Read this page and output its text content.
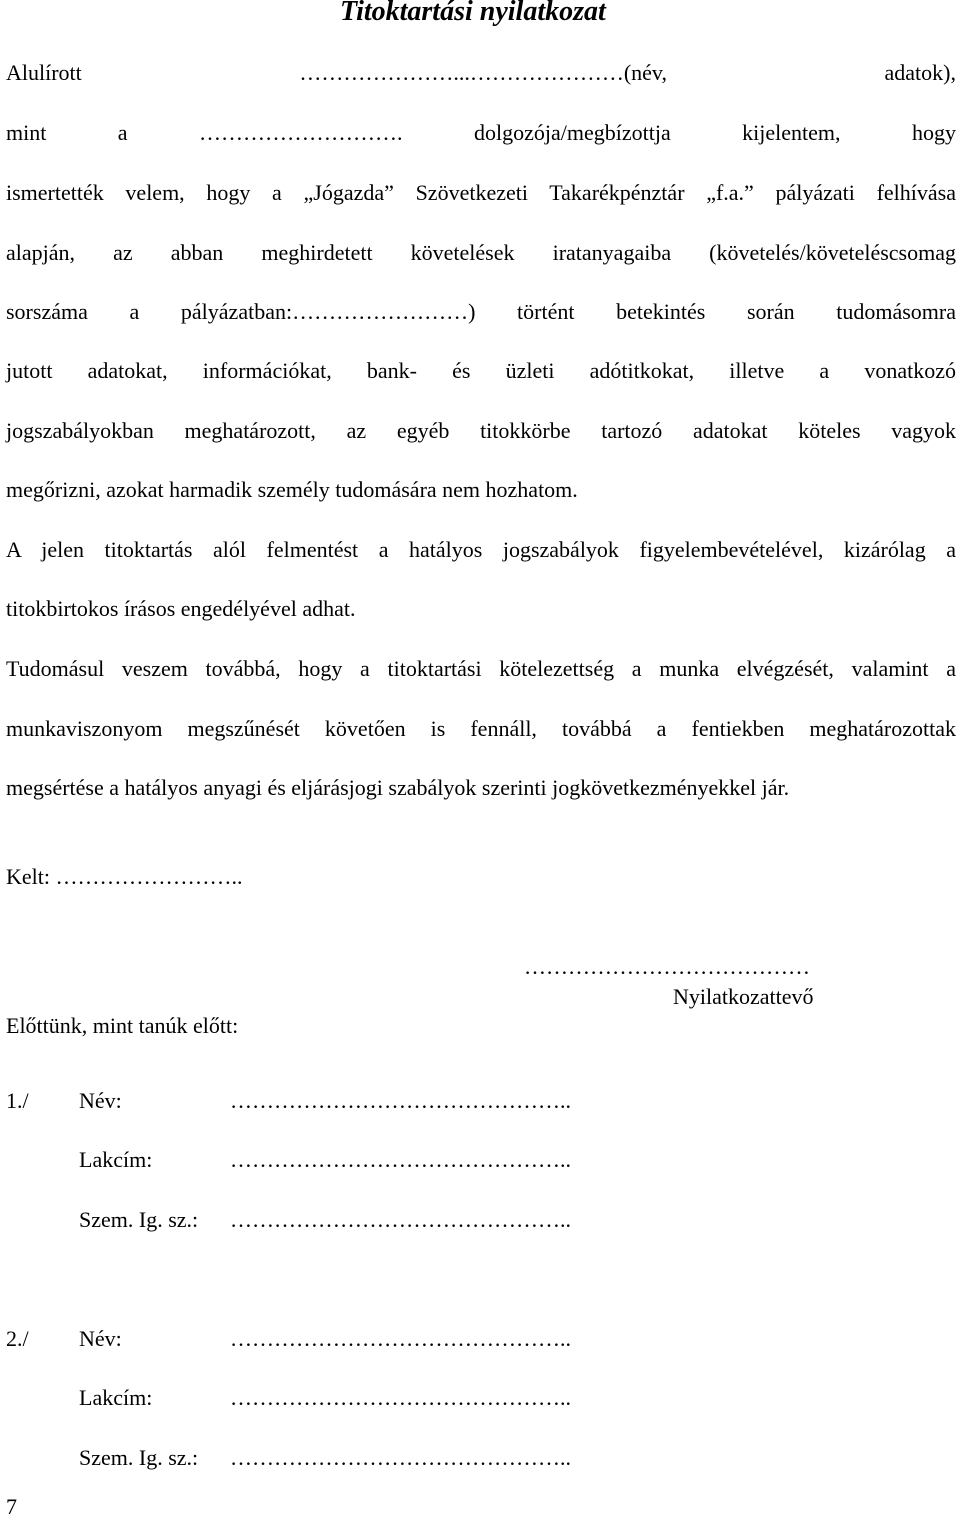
Titoktartási nyilatkozat
Alulírott …………………...…………………(név, adatok),
mint a ………………………. dolgozója/megbízottja kijelentem, hogy
ismertették velem, hogy a „Jógazda” Szövetkezeti Takarékpénztár „f.a.” pályázati felhívása
alapján, az abban meghirdetett követelések iratanyagaiba (követelés/követeléscsomag
sorszáma a pályázatban:……………………) történt betekintés során tudomásomra
jutott adatokat, információkat, bank- és üzleti adótitkokat, illetve a vonatkozó
jogszabályokban meghatározott, az egyéb titokkörbe tartozó adatokat köteles vagyok
megőrizni, azokat harmadik személy tudomására nem hozhatom.
A jelen titoktartás alól felmentést a hatályos jogszabályok figyelembevételével, kizárólag a
titokbirtokos írásos engedélyével adhat.
Tudomásul veszem továbbá, hogy a titoktartási kötelezettség a munka elvégzését, valamint a
munkaviszonyom megszűnését követően is fennáll, továbbá a fentiekben meghatározottak
megsértése a hatályos anyagi és eljárásjogi szabályok szerinti jogkövetkezményekkel jár.
Kelt: ……………………..
…………………………………
Nyilatkozattevő
Előttünk, mint tanúk előtt:
1./ Név:	………………………………………..
Lakcím:	………………………………………..
Szem. Ig. sz.: ………………………………………..
2./ Név:	………………………………………..
Lakcím:	………………………………………..
Szem. Ig. sz.: ………………………………………..
7
